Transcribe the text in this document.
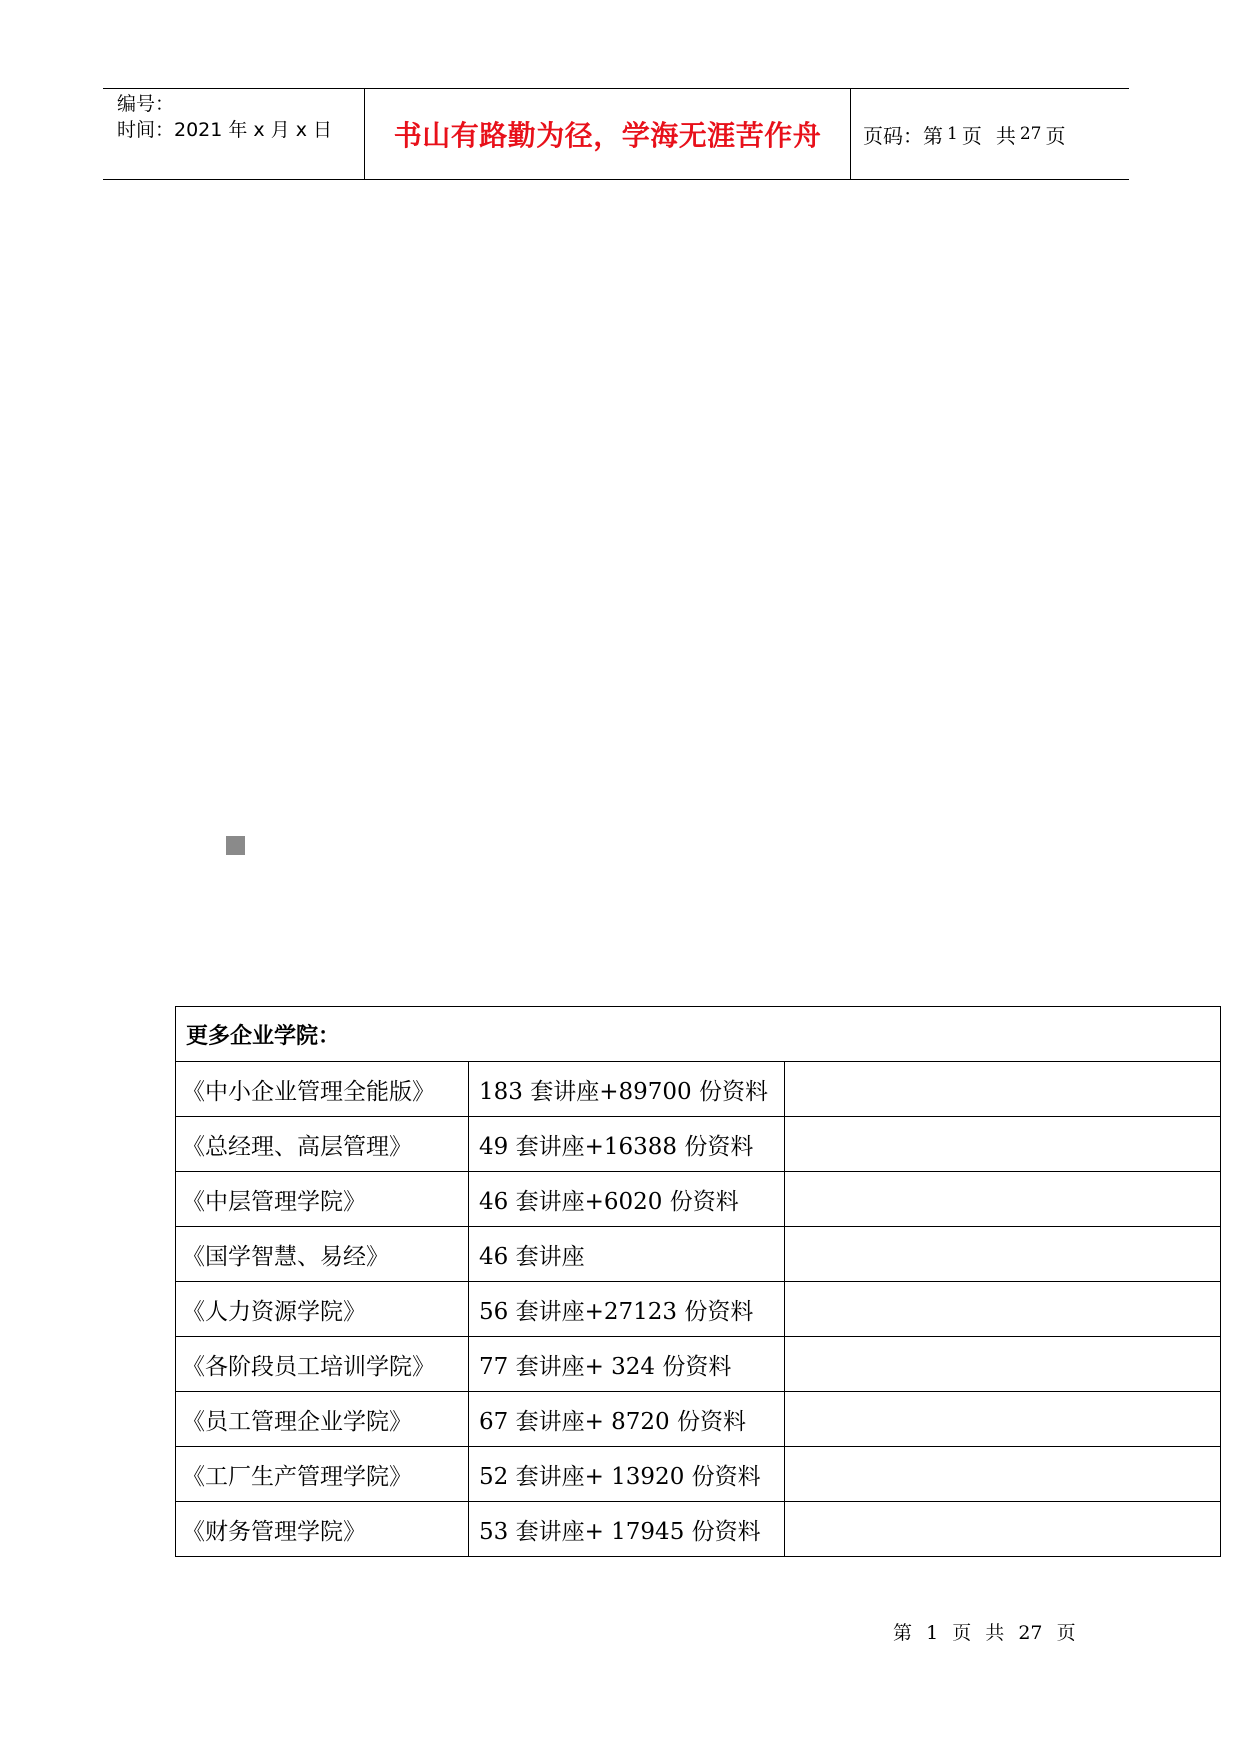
编号：
时间：2021 年 x 月 x 日	书山有路勤为径，学海无涯苦作舟	页码：第 1 页 共 27 页
更多企业学院：		
《中小企业管理全能版》	183 套讲座+89700 份资料	
《总经理、高层管理》	49 套讲座+16388 份资料	
《中层管理学院》	46 套讲座+6020 份资料	
《国学智慧、易经》	46 套讲座	
《人力资源学院》	56 套讲座+27123 份资料	
《各阶段员工培训学院》	77 套讲座+ 324 份资料	
《员工管理企业学院》	67 套讲座+ 8720 份资料	
《工厂生产管理学院》	52 套讲座+ 13920 份资料	
《财务管理学院》	53 套讲座+ 17945 份资料	
第 1 页 共 27 页
